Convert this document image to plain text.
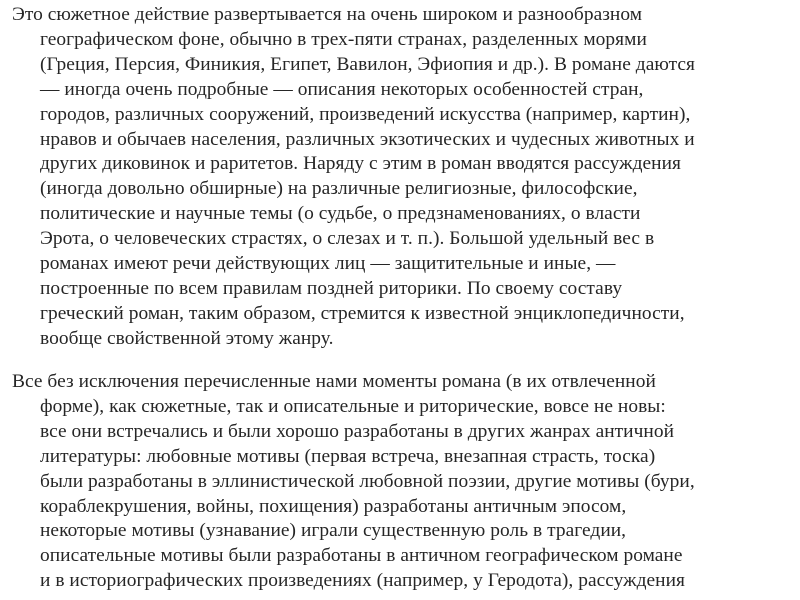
Это сюжетное действие развертывается на очень широком и разнообразном
географическом фоне, обычно в трех-пяти странах, разделенных морями
(Греция, Персия, Финикия, Египет, Вавилон, Эфиопия и др.). В романе даются
— иногда очень подробные — описания некоторых особенностей стран,
городов, различных сооружений, произведений искусства (например, картин),
нравов и обычаев населения, различных экзотических и чудесных животных и
других диковинок и раритетов. Наряду с этим в роман вводятся рассуждения
(иногда довольно обширные) на различные религиозные, философские,
политические и научные темы (о судьбе, о предзнаменованиях, о власти
Эрота, о человеческих страстях, о слезах и т. п.). Большой удельный вес в
романах имеют речи действующих лиц — защитительные и иные, —
построенные по всем правилам поздней риторики. По своему составу
греческий роман, таким образом, стремится к известной энциклопедичности,
вообще свойственной этому жанру.

Все без исключения перечисленные нами моменты романа (в их отвлеченной
форме), как сюжетные, так и описательные и риторические, вовсе не новы:
все они встречались и были хорошо разработаны в других жанрах античной
литературы: любовные мотивы (первая встреча, внезапная страсть, тоска)
были разработаны в эллинистической любовной поэзии, другие мотивы (бури,
кораблекрушения, войны, похищения) разработаны античным эпосом,
некоторые мотивы (узнавание) играли существенную роль в трагедии,
описательные мотивы были разработаны в античном географическом романе
и в историографических произведениях (например, у Геродота), рассуждения
